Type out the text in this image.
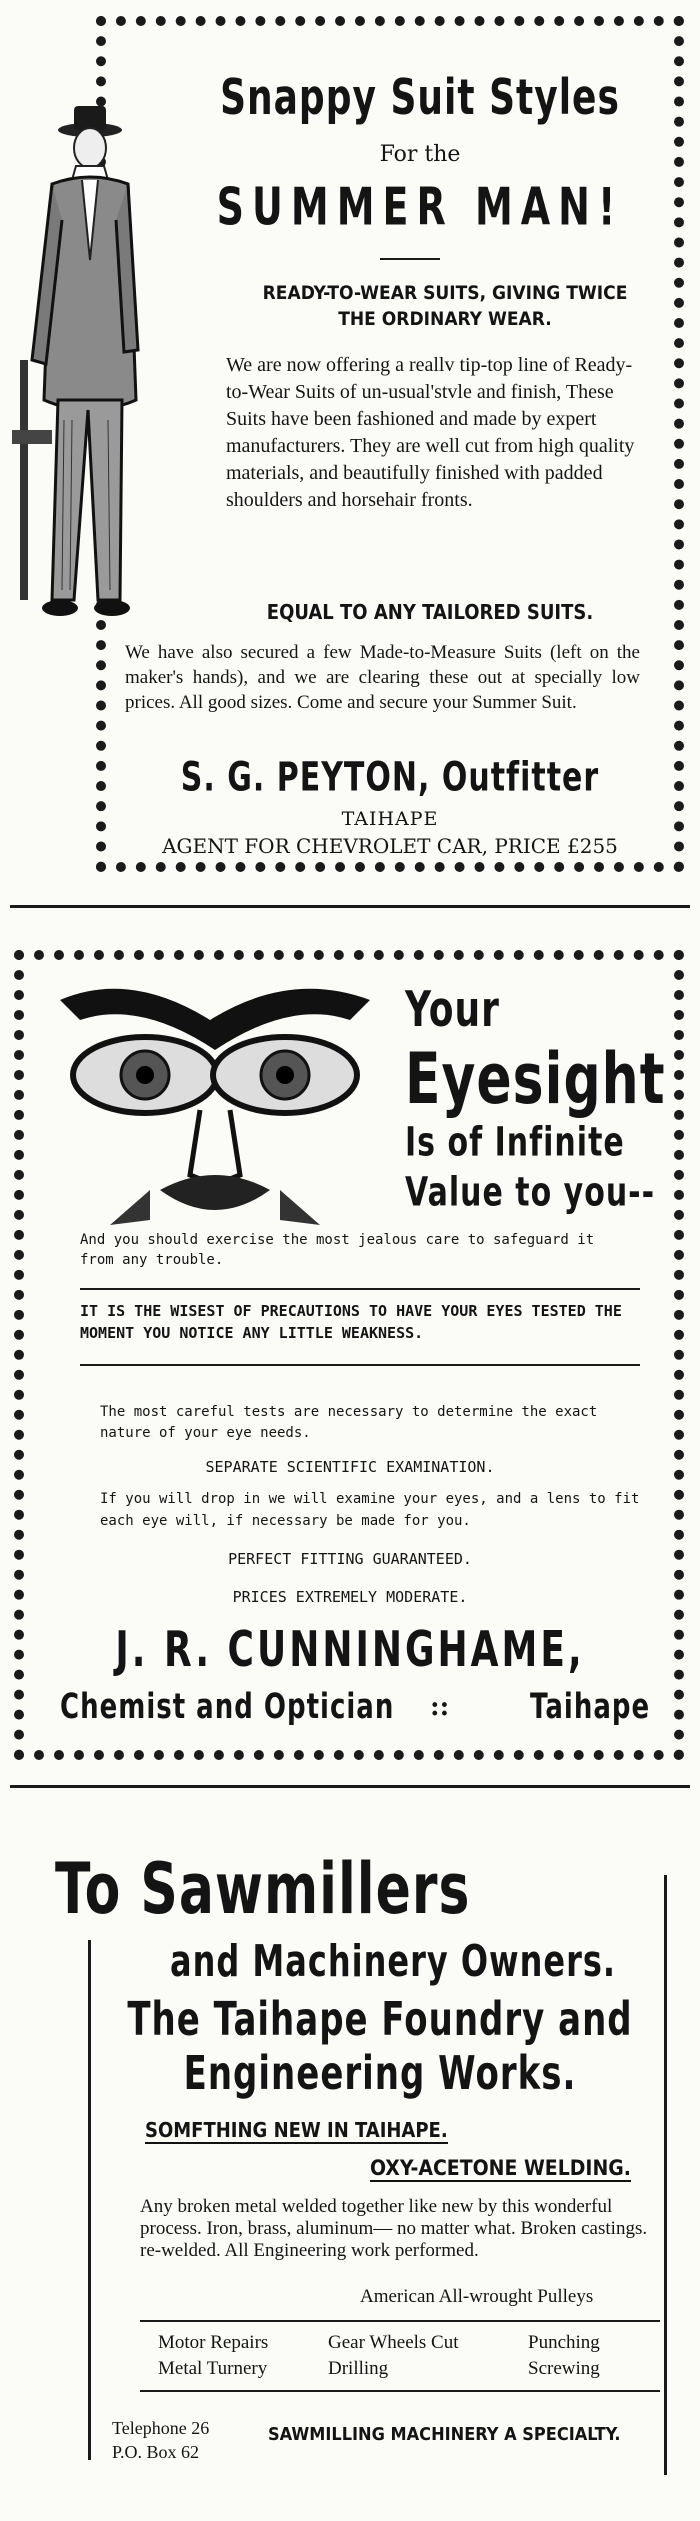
Snappy Suit Styles
For the
SUMMER MAN!
READY-TO-WEAR SUITS, GIVING TWICE THE ORDINARY WEAR.
We are now offering a reallv tip-top line of Ready-to-Wear Suits of un-usual'stvle and finish, These Suits have been fashioned and made by expert manufacturers. They are well cut from high quality materials, and beautifully finished with padded shoulders and horsehair fronts.
EQUAL TO ANY TAILORED SUITS.
We have also secured a few Made-to-Measure Suits (left on the maker's hands), and we are clearing these out at specially low prices. All good sizes. Come and secure your Summer Suit.
S. G. PEYTON, Outfitter
TAIHAPE
AGENT FOR CHEVROLET CAR, PRICE £255
Your
Eyesight
Is of Infinite
Value to you--
And you should exercise the most jealous care to safeguard it from any trouble.
IT IS THE WISEST OF PRECAUTIONS TO HAVE YOUR EYES TESTED THE MOMENT YOU NOTICE ANY LITTLE WEAKNESS.
The most careful tests are necessary to determine the exact nature of your eye needs.
SEPARATE SCIENTIFIC EXAMINATION.
If you will drop in we will examine your eyes, and a lens to fit each eye will, if necessary be made for you.
PERFECT FITTING GUARANTEED.
PRICES EXTREMELY MODERATE.
J. R. CUNNINGHAME,
Chemist and Optician ::	Taihape
To Sawmillers
and Machinery Owners.
The Taihape Foundry and
Engineering Works.
SOMFTHING NEW IN TAIHAPE.
OXY-ACETONE WELDING.
Any broken metal welded together like new by this wonderful process. Iron, brass, aluminum— no matter what. Broken castings. re-welded. All Engineering work performed.
American All-wrought Pulleys
Motor Repairs	Gear Wheels Cut	Punching
Metal Turnery	Drilling	Screwing
Telephone 26
P.O. Box 62
SAWMILLING MACHINERY A SPECIALTY.
